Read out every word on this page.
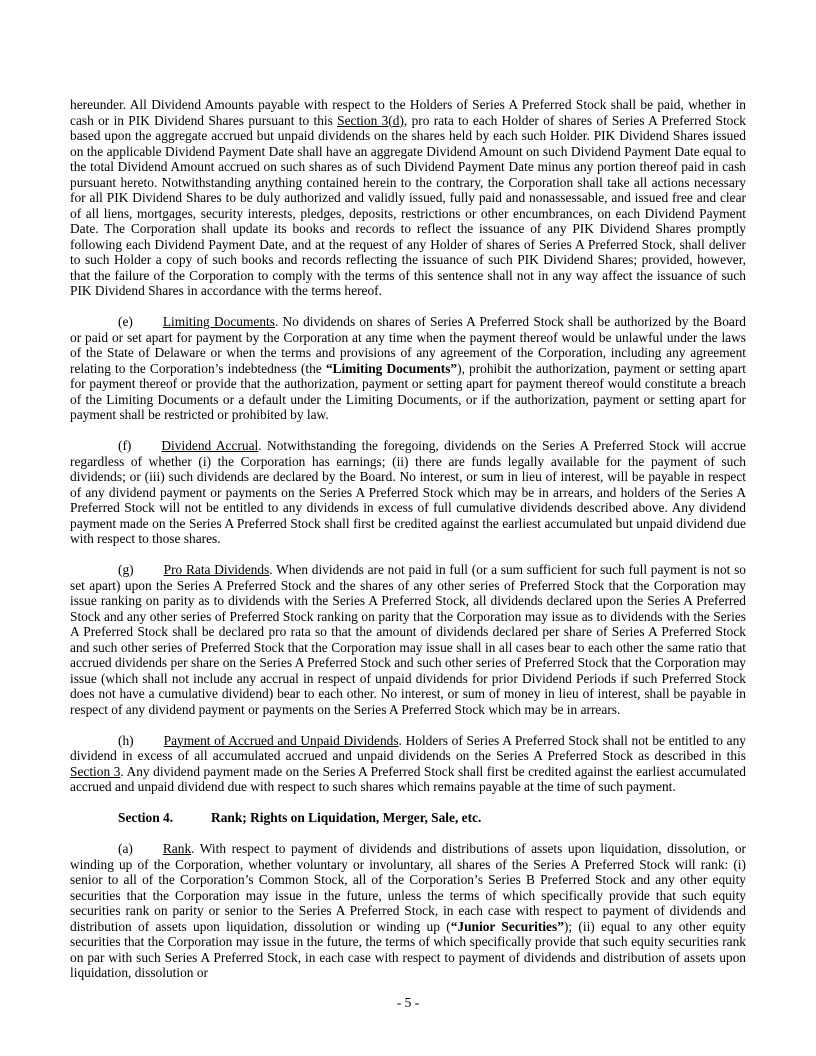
hereunder. All Dividend Amounts payable with respect to the Holders of Series A Preferred Stock shall be paid, whether in cash or in PIK Dividend Shares pursuant to this Section 3(d), pro rata to each Holder of shares of Series A Preferred Stock based upon the aggregate accrued but unpaid dividends on the shares held by each such Holder. PIK Dividend Shares issued on the applicable Dividend Payment Date shall have an aggregate Dividend Amount on such Dividend Payment Date equal to the total Dividend Amount accrued on such shares as of such Dividend Payment Date minus any portion thereof paid in cash pursuant hereto. Notwithstanding anything contained herein to the contrary, the Corporation shall take all actions necessary for all PIK Dividend Shares to be duly authorized and validly issued, fully paid and nonassessable, and issued free and clear of all liens, mortgages, security interests, pledges, deposits, restrictions or other encumbrances, on each Dividend Payment Date. The Corporation shall update its books and records to reflect the issuance of any PIK Dividend Shares promptly following each Dividend Payment Date, and at the request of any Holder of shares of Series A Preferred Stock, shall deliver to such Holder a copy of such books and records reflecting the issuance of such PIK Dividend Shares; provided, however, that the failure of the Corporation to comply with the terms of this sentence shall not in any way affect the issuance of such PIK Dividend Shares in accordance with the terms hereof.

(e) Limiting Documents. No dividends on shares of Series A Preferred Stock shall be authorized by the Board or paid or set apart for payment by the Corporation at any time when the payment thereof would be unlawful under the laws of the State of Delaware or when the terms and provisions of any agreement of the Corporation, including any agreement relating to the Corporation’s indebtedness (the “Limiting Documents”), prohibit the authorization, payment or setting apart for payment thereof or provide that the authorization, payment or setting apart for payment thereof would constitute a breach of the Limiting Documents or a default under the Limiting Documents, or if the authorization, payment or setting apart for payment shall be restricted or prohibited by law.

(f) Dividend Accrual. Notwithstanding the foregoing, dividends on the Series A Preferred Stock will accrue regardless of whether (i) the Corporation has earnings; (ii) there are funds legally available for the payment of such dividends; or (iii) such dividends are declared by the Board. No interest, or sum in lieu of interest, will be payable in respect of any dividend payment or payments on the Series A Preferred Stock which may be in arrears, and holders of the Series A Preferred Stock will not be entitled to any dividends in excess of full cumulative dividends described above. Any dividend payment made on the Series A Preferred Stock shall first be credited against the earliest accumulated but unpaid dividend due with respect to those shares.

(g) Pro Rata Dividends. When dividends are not paid in full (or a sum sufficient for such full payment is not so set apart) upon the Series A Preferred Stock and the shares of any other series of Preferred Stock that the Corporation may issue ranking on parity as to dividends with the Series A Preferred Stock, all dividends declared upon the Series A Preferred Stock and any other series of Preferred Stock ranking on parity that the Corporation may issue as to dividends with the Series A Preferred Stock shall be declared pro rata so that the amount of dividends declared per share of Series A Preferred Stock and such other series of Preferred Stock that the Corporation may issue shall in all cases bear to each other the same ratio that accrued dividends per share on the Series A Preferred Stock and such other series of Preferred Stock that the Corporation may issue (which shall not include any accrual in respect of unpaid dividends for prior Dividend Periods if such Preferred Stock does not have a cumulative dividend) bear to each other. No interest, or sum of money in lieu of interest, shall be payable in respect of any dividend payment or payments on the Series A Preferred Stock which may be in arrears.

(h) Payment of Accrued and Unpaid Dividends. Holders of Series A Preferred Stock shall not be entitled to any dividend in excess of all accumulated accrued and unpaid dividends on the Series A Preferred Stock as described in this Section 3. Any dividend payment made on the Series A Preferred Stock shall first be credited against the earliest accumulated accrued and unpaid dividend due with respect to such shares which remains payable at the time of such payment.

Section 4.	Rank; Rights on Liquidation, Merger, Sale, etc.

(a) Rank. With respect to payment of dividends and distributions of assets upon liquidation, dissolution, or winding up of the Corporation, whether voluntary or involuntary, all shares of the Series A Preferred Stock will rank: (i) senior to all of the Corporation’s Common Stock, all of the Corporation’s Series B Preferred Stock and any other equity securities that the Corporation may issue in the future, unless the terms of which specifically provide that such equity securities rank on parity or senior to the Series A Preferred Stock, in each case with respect to payment of dividends and distribution of assets upon liquidation, dissolution or winding up (“Junior Securities”); (ii) equal to any other equity securities that the Corporation may issue in the future, the terms of which specifically provide that such equity securities rank on par with such Series A Preferred Stock, in each case with respect to payment of dividends and distribution of assets upon liquidation, dissolution or

- 5 -
